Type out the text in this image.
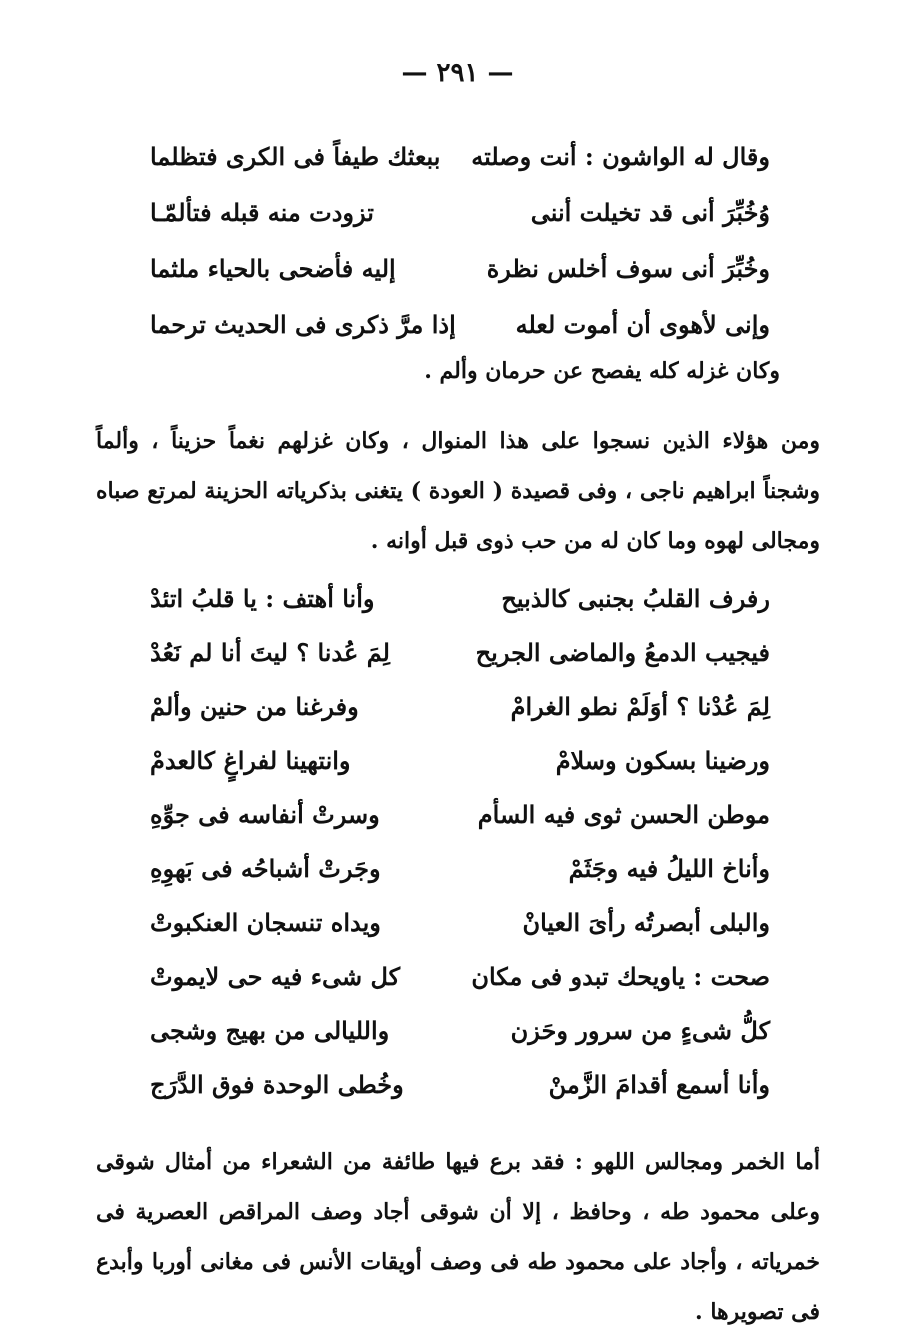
— ٢٩١ —
وقال له الواشون : أنت وصلته
ببعثك طيفاً فى الكرى فتظلما
وُخُبِّرَ أنى قد تخيلت أننى
تزودت منه قبله فتألمّـا
وخُبِّرَ أنى سوف أخلس نظرة
إليه فأضحى بالحياء ملثما
وإنى لأهوى أن أموت لعله
إذا مرَّ ذكرى فى الحديث ترحما

وكان غزله كله يفصح عن حرمان وألم .

ومن هؤلاء الذين نسجوا على هذا المنوال ، وكان غزلهم نغماً حزيناً ، وألماً وشجناً ابراهيم ناجى ، وفى قصيدة ( العودة ) يتغنى بذكرياته الحزينة لمرتع صباه ومجالى لهوه وما كان له من حب ذوى قبل أوانه .

رفرف القلبُ بجنبى كالذبيح
وأنا أهتف : يا قلبُ اتئدْ
فيجيب الدمعُ والماضى الجريح
لِمَ عُدنا ؟ ليتَ أنا لم نَعُدْ
لِمَ عُدْنا ؟ أوَلَمْ نطو الغرامْ
وفرغنا من حنين وألمْ
ورضينا بسكون وسلامْ
وانتهينا لفراغٍ كالعدمْ
موطن الحسن ثوى فيه السأم
وسرتْ أنفاسه فى جوِّهِ
وأناخ الليلُ فيه وجَثَمْ
وجَرتْ أشباحُه فى بَهوِهِ
والبلى أبصرتُه رأىَ العيانْ
ويداه تنسجان العنكبوتْ
صحت : ياويحك تبدو فى مكان
كل شىء فيه حى لايموتْ
كلُّ شىءٍ من سرور وحَزن
والليالى من بهيج وشجى
وأنا أسمع أقدامَ الزَّمنْ
وخُطى الوحدة فوق الدَّرَج

أما الخمر ومجالس اللهو : فقد برع فيها طائفة من الشعراء من أمثال شوقى وعلى محمود طه ، وحافظ ، إلا أن شوقى أجاد وصف المراقص العصرية فى خمرياته ، وأجاد على محمود طه فى وصف أويقات الأنس فى مغانى أوربا وأبدع فى تصويرها .
